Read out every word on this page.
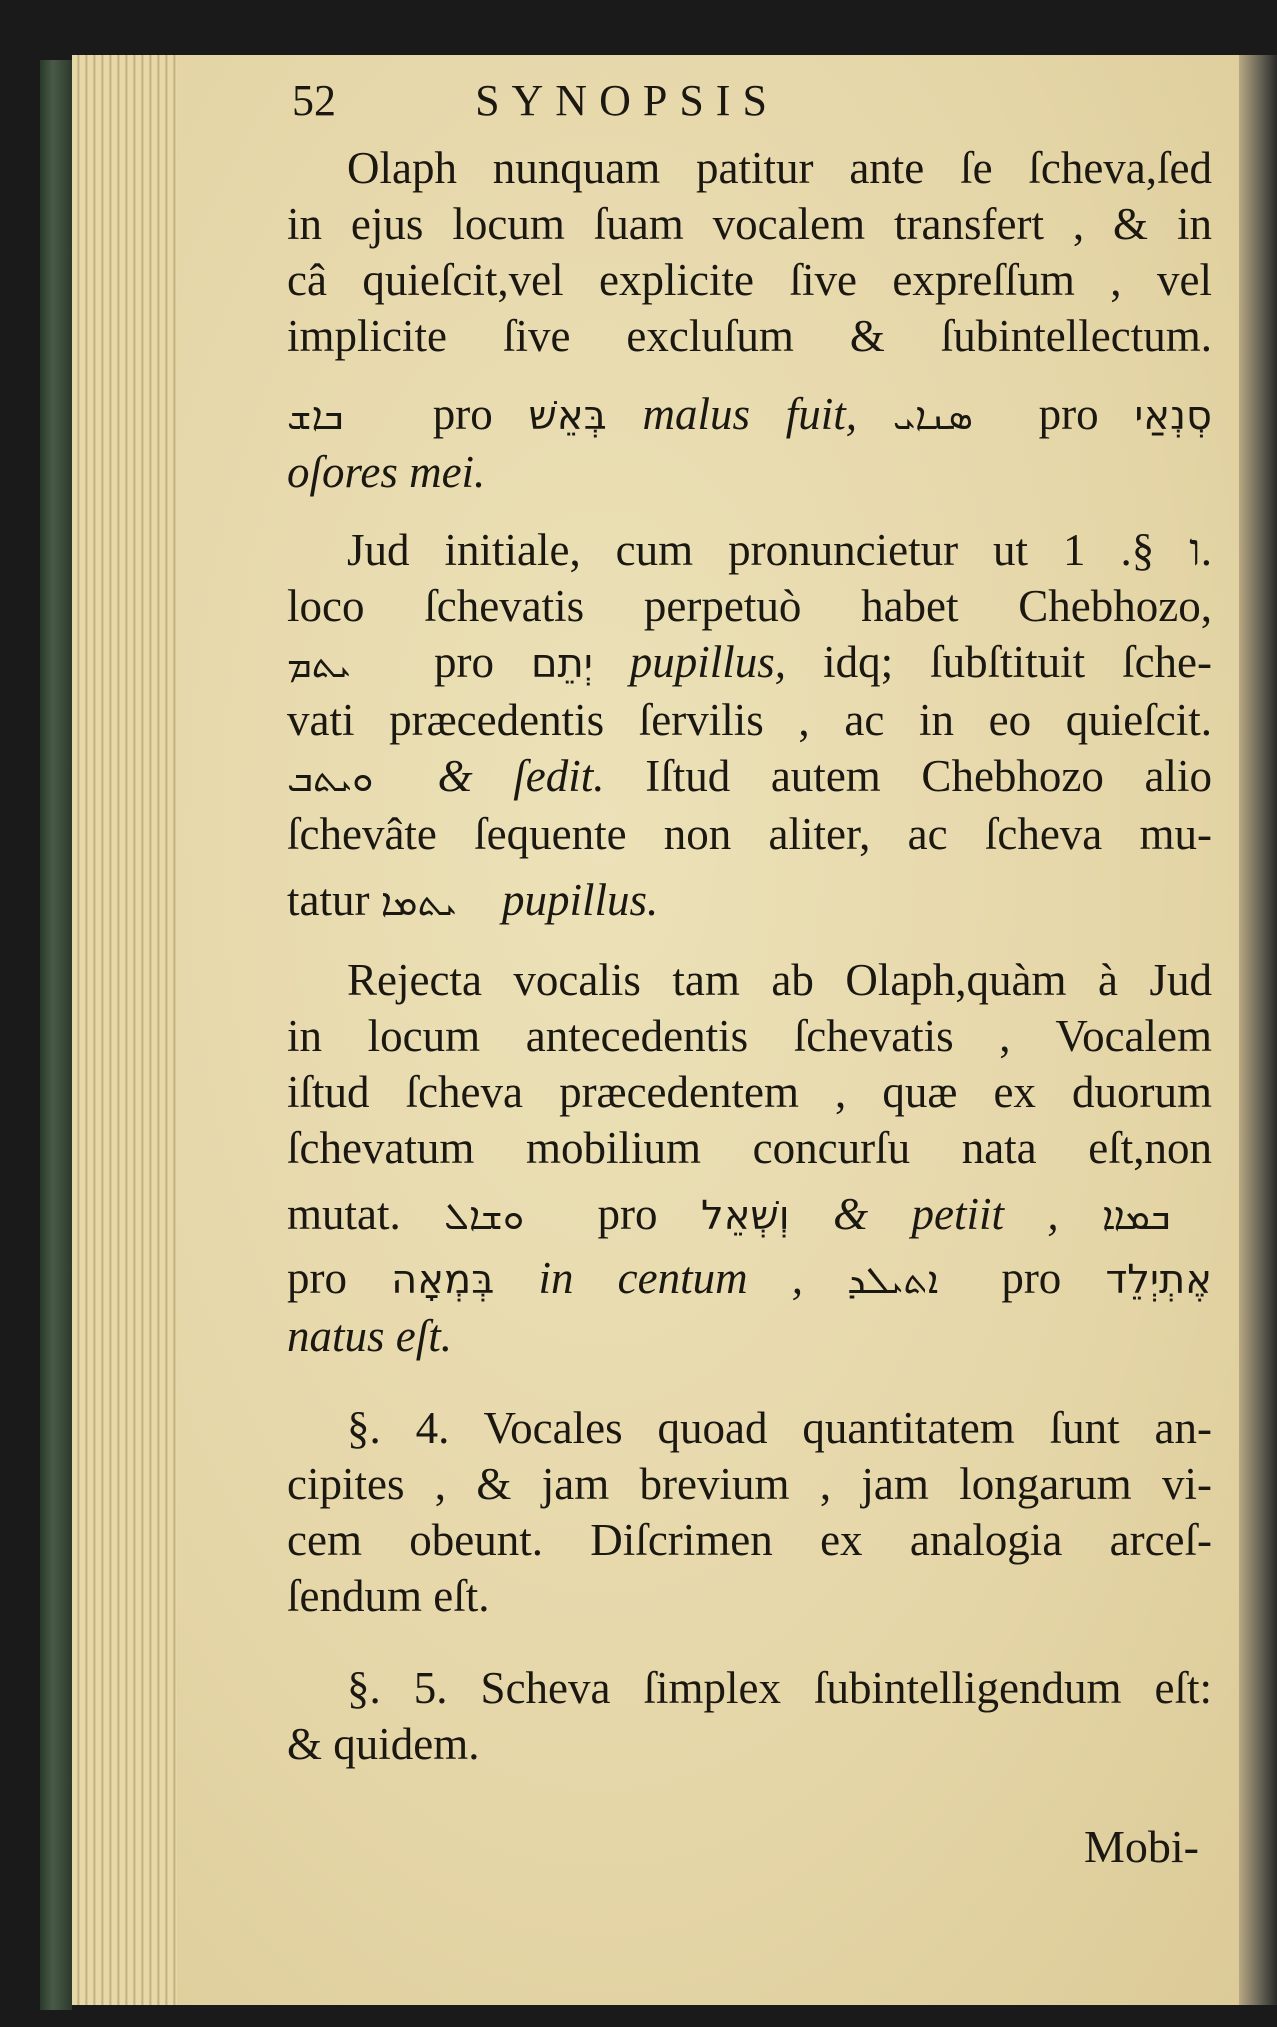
52	SYNOPSIS

Olaph nunquam patitur ante ſe ſcheva,ſed
in ejus locum ſuam vocalem transfert , & in
câ quieſcit,vel explicite ſive expreſſum , vel
implicite ſive excluſum & ſubintellectum.

ܒܐܫ pro בְּאֵשׁ malus fuit, ܣܢܐܝ pro סְנְאַי
oſores mei.

Jud initiale, cum pronuncietur ut ו §. 1.
loco ſchevatis perpetuò habet Chebhozo,
ܝܬܡ pro יְתֵם pupillus, idq; ſubſtituit ſche-
vati præcedentis ſervilis , ac in eo quieſcit.
ܘܝܬܒ & ſedit. Iſtud autem Chebhozo alio
ſchevâte ſequente non aliter, ac ſcheva mu-
tatur ܝܬܡܐ pupillus.

Rejecta vocalis tam ab Olaph,quàm à Jud
in locum antecedentis ſchevatis , Vocalem
iſtud ſcheva præcedentem , quæ ex duorum
ſchevatum mobilium concurſu nata eſt,non
mutat. ܘܫܐܠ pro וְשְׁאֵל & petiit , ܒܡܐܐ
pro בְּמְאָה in centum , ܐܬܝܠܕ pro אֶתְיְלֵד
natus eſt.

§. 4. Vocales quoad quantitatem ſunt an-
cipites , & jam brevium , jam longarum vi-
cem obeunt. Diſcrimen ex analogia arceſ-
ſendum eſt.

§. 5. Scheva ſimplex ſubintelligendum eſt:
& quidem.

Mobi-
